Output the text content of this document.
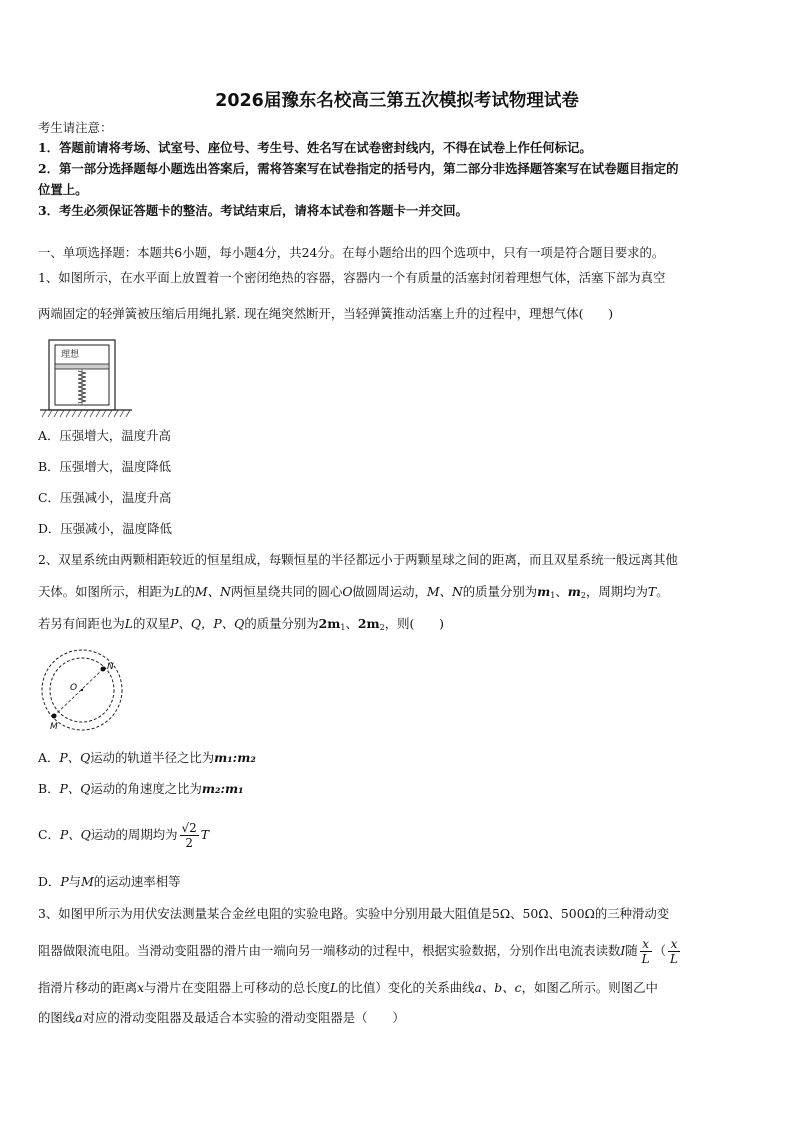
2026届豫东名校高三第五次模拟考试物理试卷
考生请注意：
1．答题前请将考场、试室号、座位号、考生号、姓名写在试卷密封线内，不得在试卷上作任何标记。
2．第一部分选择题每小题选出答案后，需将答案写在试卷指定的括号内，第二部分非选择题答案写在试卷题目指定的
位置上。
3．考生必须保证答题卡的整洁。考试结束后，请将本试卷和答题卡一并交回。
一、单项选择题：本题共6小题，每小题4分，共24分。在每小题给出的四个选项中，只有一项是符合题目要求的。
1、如图所示，在水平面上放置着一个密闭绝热的容器，容器内一个有质量的活塞封闭着理想气体，活塞下部为真空
两端固定的轻弹簧被压缩后用绳扎紧. 现在绳突然断开，当轻弹簧推动活塞上升的过程中，理想气体(　　)
理想
A．压强增大，温度升高
B．压强增大，温度降低
C．压强减小，温度升高
D．压强减小，温度降低
2、双星系统由两颗相距较近的恒星组成，每颗恒星的半径都远小于两颗星球之间的距离，而且双星系统一般远离其他
天体。如图所示，相距为L的M、N两恒星绕共同的圆心O做圆周运动，M、N的质量分别为$m_1$、$m_2$，周期均为T。
若另有间距也为L的双星P、Q，P、Q的质量分别为$2m_1$、$2m_2$，则(　　)
N
O
M
A．P、Q运动的轨道半径之比为m₁:m₂
B．P、Q运动的角速度之比为m₂:m₁
C．P、Q运动的周期均为 $\frac{√2}{2}$ T
D．P与M的运动速率相等
3、如图甲所示为用伏安法测量某合金丝电阻的实验电路。实验中分别用最大阻值是5Ω、50Ω、500Ω的三种滑动变
阻器做限流电阻。当滑动变阻器的滑片由一端向另一端移动的过程中，根据实验数据，分别作出电流表读数I随 $\frac{x}{L}$ （ $\frac{x}{L}$
指滑片移动的距离x与滑片在变阻器上可移动的总长度L的比值）变化的关系曲线a、b、c，如图乙所示。则图乙中
的图线a对应的滑动变阻器及最适合本实验的滑动变阻器是（　　）
